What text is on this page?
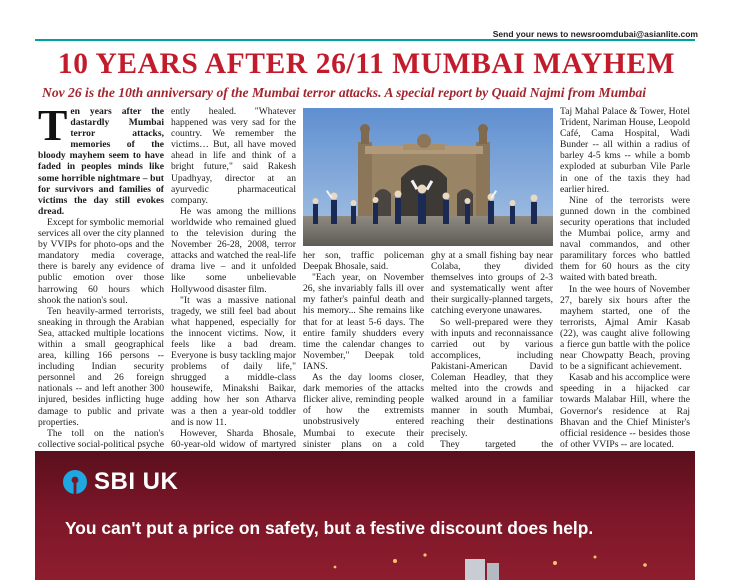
Send your news to newsroomdubai@asianlite.com
10 YEARS AFTER 26/11 MUMBAI MAYHEM
Nov 26 is the 10th anniversary of the Mumbai terror attacks. A special report by Quaid Najmi from Mumbai

Ten years after the dastardly Mumbai terror attacks, memories of the bloody mayhem seem to have faded in peoples minds like some horrible nightmare – but for survivors and families of victims the day still evokes dread.

Except for symbolic memorial services all over the city planned by VVIPs for photo-ops and the mandatory media coverage, there is barely any evidence of public emotion over those harrowing 60 hours which shook the nation's soul.

Ten heavily-armed terrorists, sneaking in through the Arabian Sea, attacked multiple locations within a small geographical area, killing 166 persons -- including Indian security personnel and 26 foreign nationals -- and left another 300 injured, besides inflicting huge damage to public and private properties.

The toll on the nation's collective social-political psyche

ently healed. "Whatever happened was very sad for the country. We remember the victims… But, all have moved ahead in life and think of a bright future," said Rakesh Upadhyay, director at an ayurvedic pharmaceutical company.

He was among the millions worldwide who remained glued to the television during the November 26-28, 2008, terror attacks and watched the real-life drama live – and it unfolded like some unbelievable Hollywood disaster film.

"It was a massive national tragedy, we still feel bad about what happened, especially for the innocent victims. Now, it feels like a bad dream. Everyone is busy tackling major problems of daily life," shrugged a middle-class housewife, Minakshi Baikar, adding how her son Atharva was a then a year-old toddler and is now 11.

However, Sharda Bhosale, 60-year-old widow of martyred

her son, traffic policeman Deepak Bhosale, said.

"Each year, on November 26, she invariably falls ill over my father's painful death and his memory... She remains like that for at least 5-6 days. The entire family shudders every time the calendar changes to November," Deepak told IANS.

As the day looms closer, dark memories of the attacks flicker alive, reminding people of how the extremists unobstrusively entered Mumbai to execute their sinister plans on a cold

ghy at a small fishing bay near Colaba, they divided themselves into groups of 2-3 and systematically went after their surgically-planned targets, catching everyone unawares.

So well-prepared were they with inputs and reconnaissance carried out by various accomplices, including Pakistani-American David Coleman Headley, that they melted into the crowds and walked around in a familiar manner in south Mumbai, reaching their destinations precisely.

They targeted the

Taj Mahal Palace & Tower, Hotel Trident, Nariman House, Leopold Café, Cama Hospital, Wadi Bunder -- all within a radius of barley 4-5 kms -- while a bomb exploded at suburban Vile Parle in one of the taxis they had earlier hired.

Nine of the terrorists were gunned down in the combined security operations that included the Mumbai police, army and naval commandos, and other paramilitary forces who battled them for 60 hours as the city waited with bated breath.

In the wee hours of November 27, barely six hours after the mayhem started, one of the terrorists, Ajmal Amir Kasab (22), was caught alive following a fierce gun battle with the police near Chowpatty Beach, proving to be a significant achievement.

Kasab and his accomplice were speeding in a hijacked car towards Malabar Hill, where the Governor's residence at Raj Bhavan and the Chief Minister's official residence -- besides those of other VVIPs -- are located.

SBI UK
You can't put a price on safety, but a festive discount does help.
